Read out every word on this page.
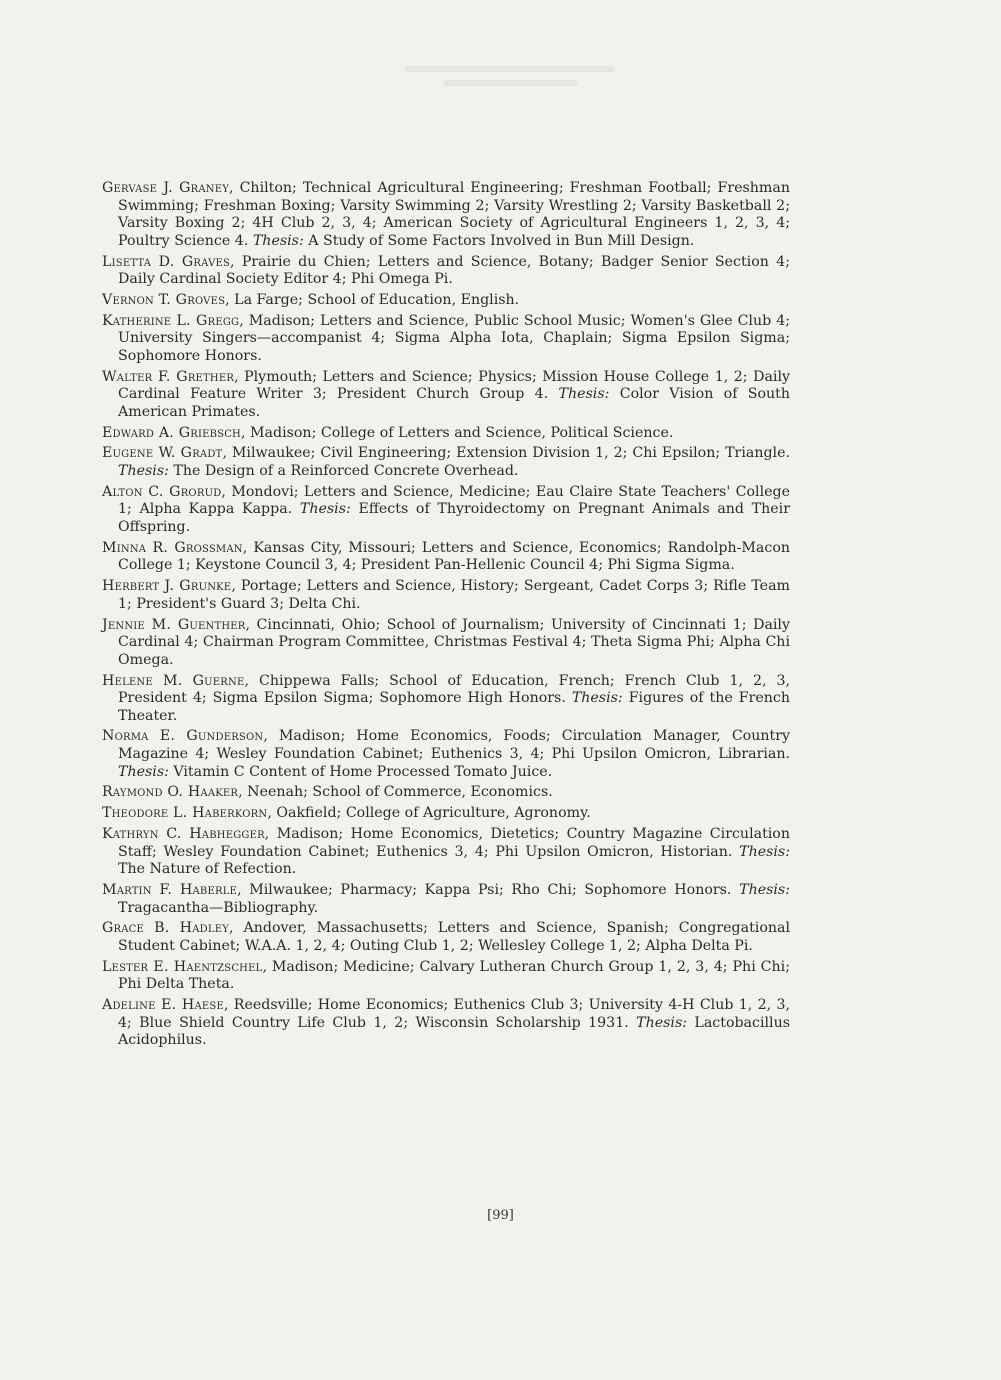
Gervase J. Graney, Chilton; Technical Agricultural Engineering; Freshman Football; Freshman Swimming; Freshman Boxing; Varsity Swimming 2; Varsity Wrestling 2; Varsity Basketball 2; Varsity Boxing 2; 4H Club 2, 3, 4; American Society of Agricultural Engineers 1, 2, 3, 4; Poultry Science 4. Thesis: A Study of Some Factors Involved in Bun Mill Design.

Lisetta D. Graves, Prairie du Chien; Letters and Science, Botany; Badger Senior Section 4; Daily Cardinal Society Editor 4; Phi Omega Pi.

Vernon T. Groves, La Farge; School of Education, English.

Katherine L. Gregg, Madison; Letters and Science, Public School Music; Women's Glee Club 4; University Singers—accompanist 4; Sigma Alpha Iota, Chaplain; Sigma Epsilon Sigma; Sophomore Honors.

Walter F. Grether, Plymouth; Letters and Science; Physics; Mission House College 1, 2; Daily Cardinal Feature Writer 3; President Church Group 4. Thesis: Color Vision of South American Primates.

Edward A. Griebsch, Madison; College of Letters and Science, Political Science.

Eugene W. Gradt, Milwaukee; Civil Engineering; Extension Division 1, 2; Chi Epsilon; Triangle. Thesis: The Design of a Reinforced Concrete Overhead.

Alton C. Grorud, Mondovi; Letters and Science, Medicine; Eau Claire State Teachers' College 1; Alpha Kappa Kappa. Thesis: Effects of Thyroidectomy on Pregnant Animals and Their Offspring.

Minna R. Grossman, Kansas City, Missouri; Letters and Science, Economics; Randolph-Macon College 1; Keystone Council 3, 4; President Pan-Hellenic Council 4; Phi Sigma Sigma.

Herbert J. Grunke, Portage; Letters and Science, History; Sergeant, Cadet Corps 3; Rifle Team 1; President's Guard 3; Delta Chi.

Jennie M. Guenther, Cincinnati, Ohio; School of Journalism; University of Cincinnati 1; Daily Cardinal 4; Chairman Program Committee, Christmas Festival 4; Theta Sigma Phi; Alpha Chi Omega.

Helene M. Guerne, Chippewa Falls; School of Education, French; French Club 1, 2, 3, President 4; Sigma Epsilon Sigma; Sophomore High Honors. Thesis: Figures of the French Theater.

Norma E. Gunderson, Madison; Home Economics, Foods; Circulation Manager, Country Magazine 4; Wesley Foundation Cabinet; Euthenics 3, 4; Phi Upsilon Omicron, Librarian. Thesis: Vitamin C Content of Home Processed Tomato Juice.

Raymond O. Haaker, Neenah; School of Commerce, Economics.

Theodore L. Haberkorn, Oakfield; College of Agriculture, Agronomy.

Kathryn C. Habhegger, Madison; Home Economics, Dietetics; Country Magazine Circulation Staff; Wesley Foundation Cabinet; Euthenics 3, 4; Phi Upsilon Omicron, Historian. Thesis: The Nature of Refection.

Martin F. Haberle, Milwaukee; Pharmacy; Kappa Psi; Rho Chi; Sophomore Honors. Thesis: Tragacantha—Bibliography.

Grace B. Hadley, Andover, Massachusetts; Letters and Science, Spanish; Congregational Student Cabinet; W.A.A. 1, 2, 4; Outing Club 1, 2; Wellesley College 1, 2; Alpha Delta Pi.

Lester E. Haentzschel, Madison; Medicine; Calvary Lutheran Church Group 1, 2, 3, 4; Phi Chi; Phi Delta Theta.

Adeline E. Haese, Reedsville; Home Economics; Euthenics Club 3; University 4-H Club 1, 2, 3, 4; Blue Shield Country Life Club 1, 2; Wisconsin Scholarship 1931. Thesis: Lactobacillus Acidophilus.

[99]
